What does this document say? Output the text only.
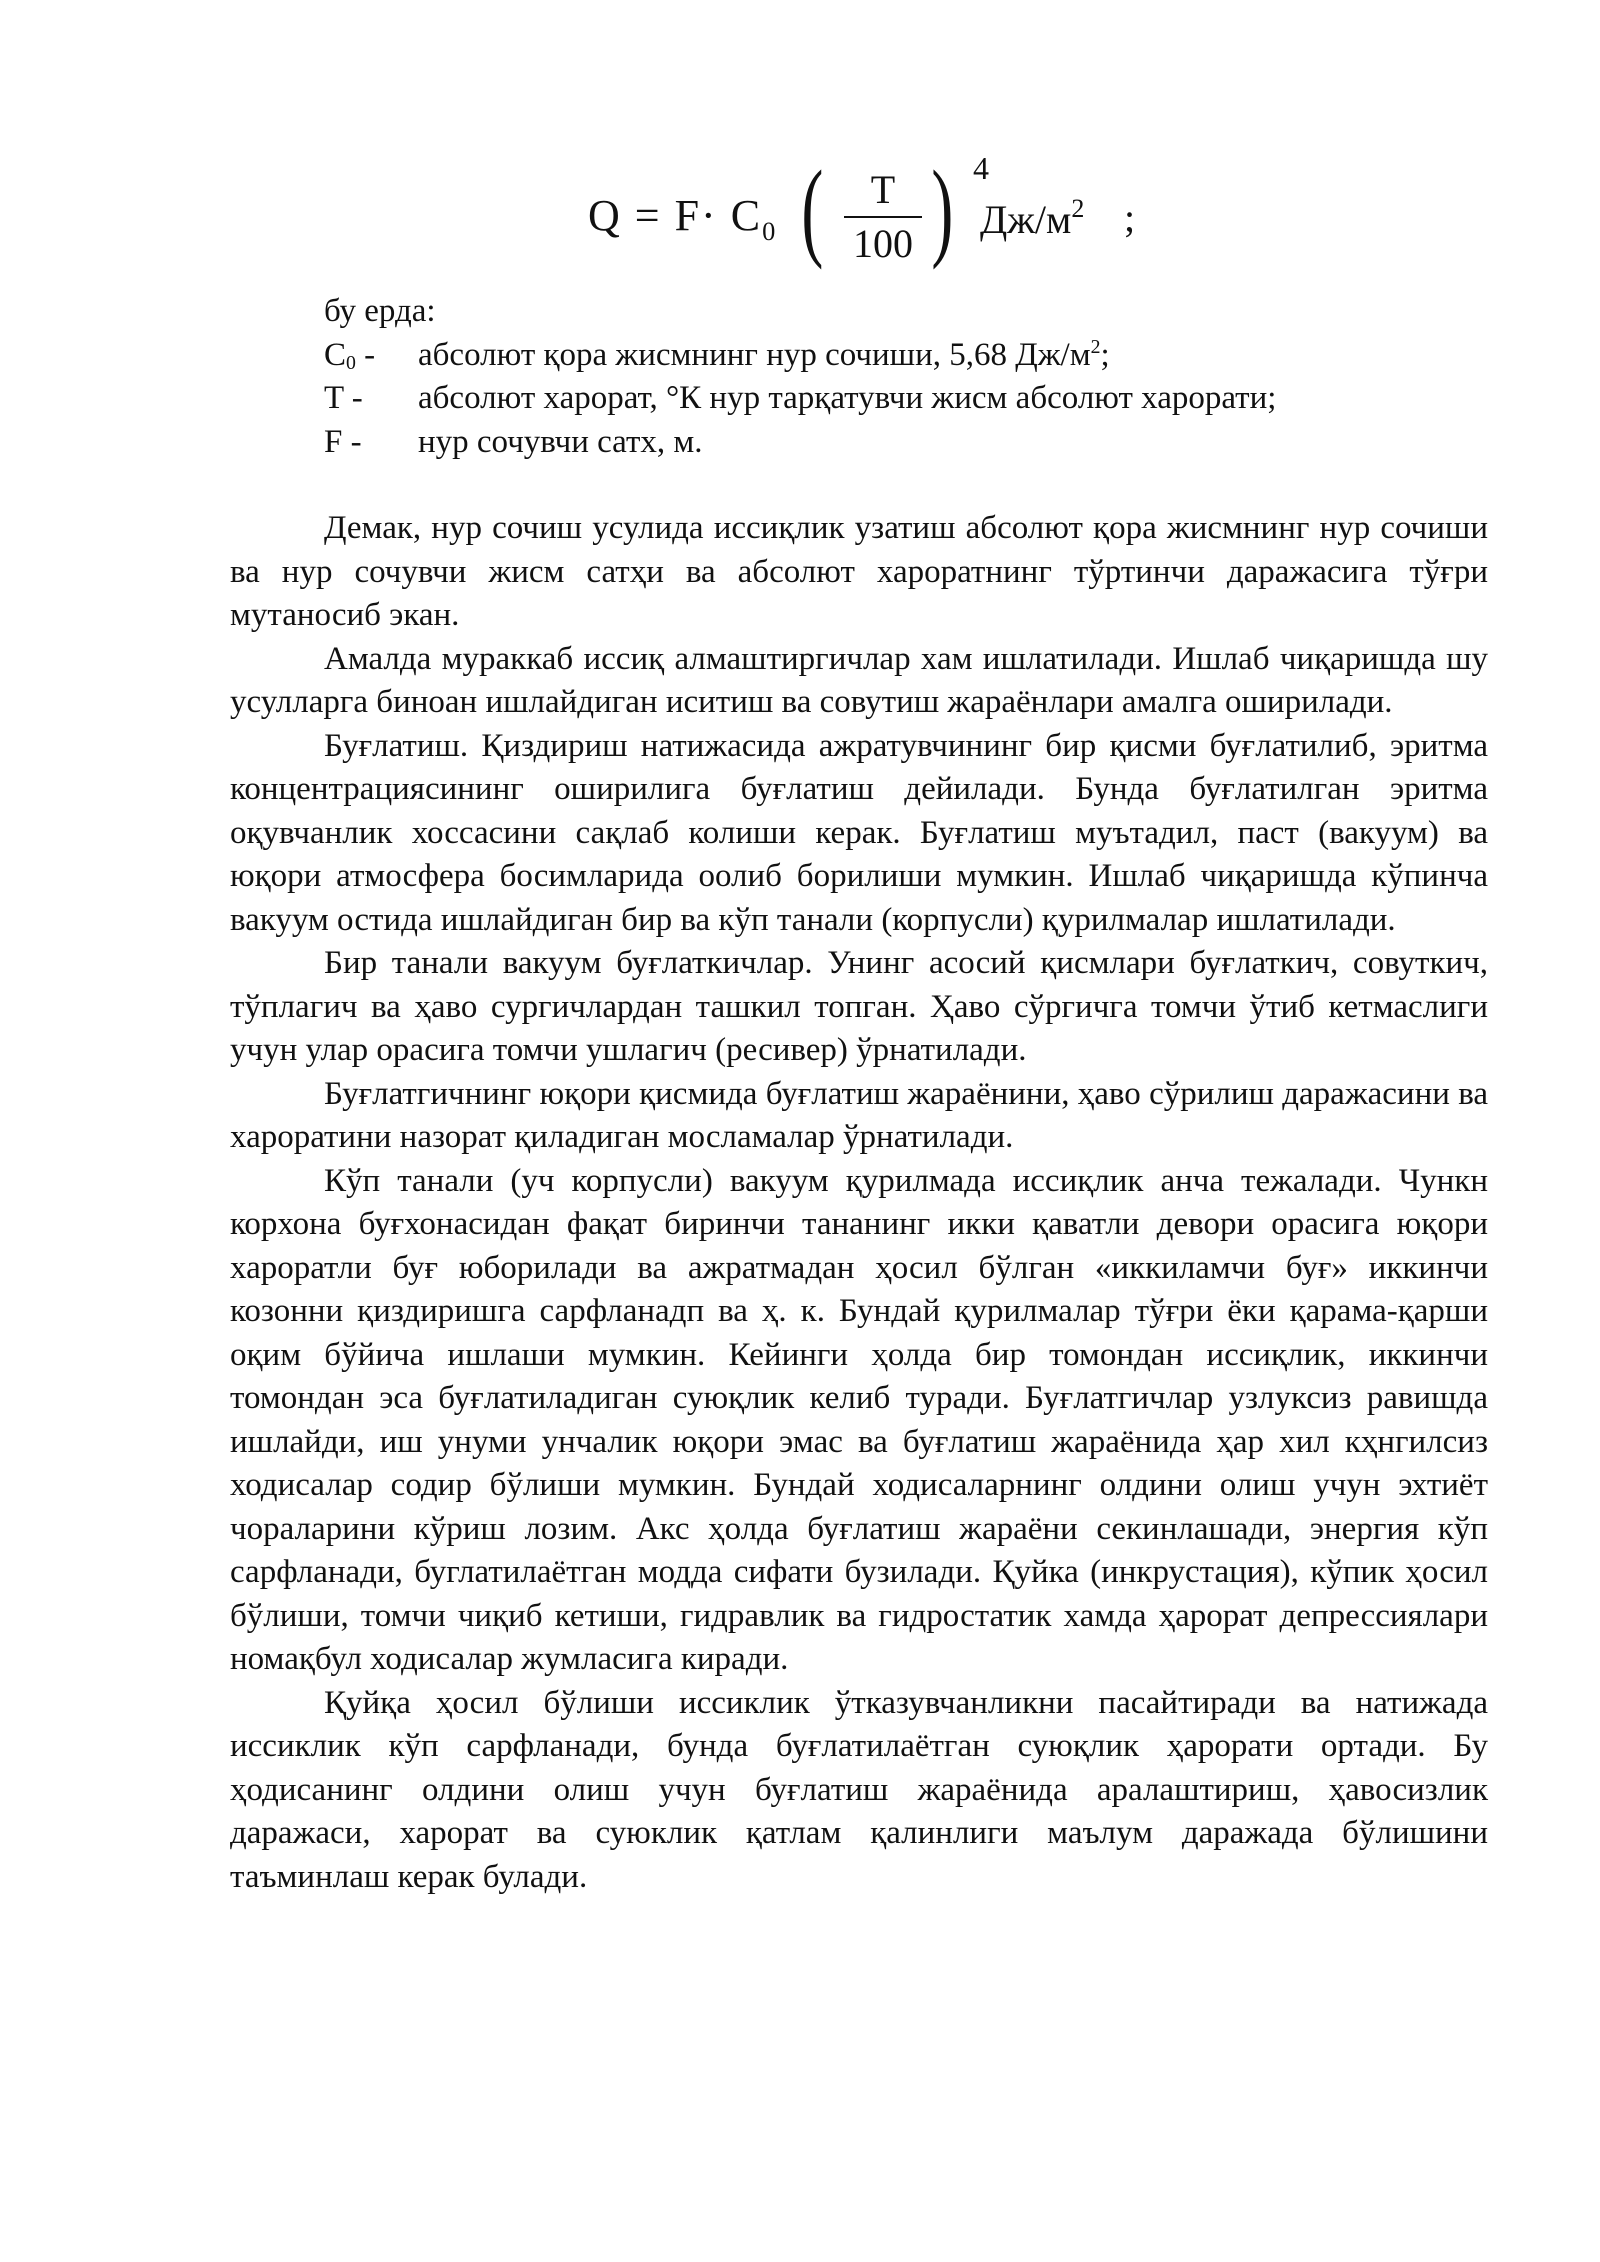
$Q = F\cdot C_0$ (	T
100 ) 4
$Дж/м^2$ ;
бу ерда:
$C_0$ -	абсолют қора жисмнинг нур сочиши, 5,68 $Дж/м^2$;
T -	абсолют харорат, °К нур тарқатувчи жисм абсолют харорати;
F -	нур сочувчи сатх, м.

Демак, нур сочиш усулида иссиқлик узатиш абсолют қора жисмнинг нур сочиши ва нур сочувчи жисм сатҳи ва абсолют хароратнинг тўртинчи даражасига тўғри мутаносиб экан.

Амалда мураккаб иссиқ алмаштиргичлар хам ишлатилади. Ишлаб чиқаришда шу усулларга биноан ишлайдиган иситиш ва совутиш жараёнлари амалга оширилади.

Буғлатиш. Қиздириш натижасида ажратувчининг бир қисми буғлатилиб, эритма концентрациясининг оширилига буғлатиш дейилади. Бунда буғлатилган эритма оқувчанлик хоссасини сақлаб колиши керак. Буғлатиш муътадил, паст (вакуум) ва юқори атмосфера босимларида оолиб борилиши мумкин. Ишлаб чиқаришда кўпинча вакуум остида ишлайдиган бир ва кўп танали (корпусли) қурилмалар ишлатилади.

Бир танали вакуум буғлаткичлар. Унинг асосий қисмлари буғлаткич, совуткич, тўплагич ва ҳаво сургичлардан ташкил топган. Ҳаво сўргичга томчи ўтиб кетмаслиги учун улар орасига томчи ушлагич (ресивер) ўрнатилади.

Буғлатгичнинг юқори қисмида буғлатиш жараёнини, ҳаво сўрилиш даражасини ва хароратини назорат қиладиган мосламалар ўрнатилади.

Кўп танали (уч корпусли) вакуум қурилмада иссиқлик анча тежалади. Чункн корхона буғхонасидан фақат биринчи тананинг икки қаватли девори орасига юқори хароратли буғ юборилади ва ажратмадан ҳосил бўлган «иккиламчи буғ» иккинчи козонни қиздиришга сарфланадп ва ҳ. к. Бундай қурилмалар тўғри ёки қарама-қарши оқим бўйича ишлаши мумкин. Кейинги ҳолда бир томондан иссиқлик, иккинчи томондан эса буғлатиладиган суюқлик келиб туради. Буғлатгичлар узлуксиз равишда ишлайди, иш унуми унчалик юқори эмас ва буғлатиш жараёнида ҳар хил кҳнгилсиз ходисалар содир бўлиши мумкин. Бундай ходисаларнинг олдини олиш учун эхтиёт чораларини кўриш лозим. Акс ҳолда буғлатиш жараёни секинлашади, энергия кўп сарфланади, буглатилаётган модда сифати бузилади. Қуйка (инкрустация), кўпик ҳосил бўлиши, томчи чиқиб кетиши, гидравлик ва гидростатик хамда ҳарорат депрессиялари номақбул ходисалар жумласига киради.

Қуйқа ҳосил бўлиши иссиклик ўтказувчанликни пасайтиради ва натижада иссиклик кўп сарфланади, бунда буғлатилаётган суюқлик ҳарорати ортади. Бу ҳодисанинг олдини олиш учун буғлатиш жараёнида аралаштириш, ҳавосизлик даражаси, харорат ва суюклик қатлам қалинлиги маълум даражада бўлишини таъминлаш керак булади.
